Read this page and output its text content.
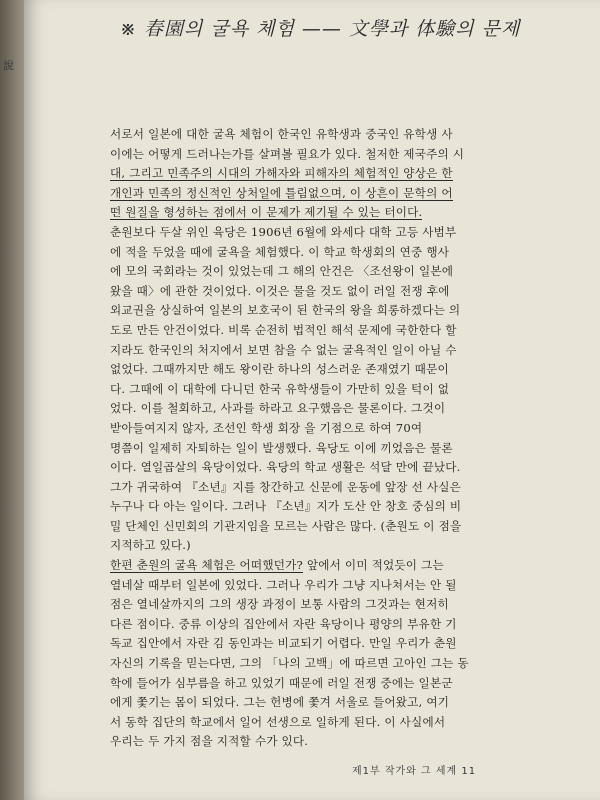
說
※ 春園의 굴욕 체험 —— 文學과 体驗의 문제
서로서 일본에 대한 굴욕 체험이 한국인 유학생과 중국인 유학생 사
이에는 어떻게 드러나는가를 살펴볼 필요가 있다. 철저한 제국주의 시
대, 그리고 민족주의 시대의 가해자와 피해자의 체험적인 양상은 한
개인과 민족의 정신적인 상처일에 틀림없으며, 이 상흔이 문학의 어
떤 원질을 형성하는 점에서 이 문제가 제기될 수 있는 터이다.
춘원보다 두살 위인 육당은 1906년 6월에 와세다 대학 고등 사범부
에 적을 두었을 때에 굴욕을 체험했다. 이 학교 학생회의 연중 행사
에 모의 국회라는 것이 있었는데 그 해의 안건은 〈조선왕이 일본에
왔을 때〉에 관한 것이었다. 이것은 물을 것도 없이 러일 전쟁 후에
외교권을 상실하여 일본의 보호국이 된 한국의 왕을 희롱하겠다는 의
도로 만든 안건이었다. 비록 순전히 법적인 해석 문제에 국한한다 할
지라도 한국인의 처지에서 보면 참을 수 없는 굴욕적인 일이 아닐 수
없었다. 그때까지만 해도 왕이란 하나의 성스러운 존재였기 때문이
다. 그때에 이 대학에 다니던 한국 유학생들이 가만히 있을 턱이 없
었다. 이를 철회하고, 사과를 하라고 요구했음은 물론이다. 그것이
받아들여지지 않자, 조선인 학생 회장 을 기점으로 하여 70여
명쯤이 일제히 자퇴하는 일이 발생했다. 육당도 이에 끼었음은 물론
이다. 열일곱살의 육당이었다. 육당의 학교 생활은 석달 만에 끝났다.
그가 귀국하여 『소년』지를 창간하고 신문에 운동에 앞장 선 사실은
누구나 다 아는 일이다. 그러나 『소년』지가 도산 안 창호 중심의 비
밀 단체인 신민회의 기관지임을 모르는 사람은 많다. (춘원도 이 점을
지적하고 있다.)
한편 춘원의 굴욕 체험은 어떠했던가? 앞에서 이미 적었듯이 그는
열네살 때부터 일본에 있었다. 그러나 우리가 그냥 지나쳐서는 안 될
점은 열네살까지의 그의 생장 과정이 보통 사람의 그것과는 현저히
다른 점이다. 중류 이상의 집안에서 자란 육당이나 평양의 부유한 기
독교 집안에서 자란 김 동인과는 비교되기 어렵다. 만일 우리가 춘원
자신의 기록을 믿는다면, 그의 「나의 고백」에 따르면 고아인 그는 동
학에 들어가 심부름을 하고 있었기 때문에 러일 전쟁 중에는 일본군
에게 쫓기는 몸이 되었다. 그는 헌병에 쫓겨 서울로 들어왔고, 여기
서 동학 집단의 학교에서 일어 선생으로 일하게 된다. 이 사실에서
우리는 두 가지 점을 지적할 수가 있다.
제1부 작가와 그 세계 11
